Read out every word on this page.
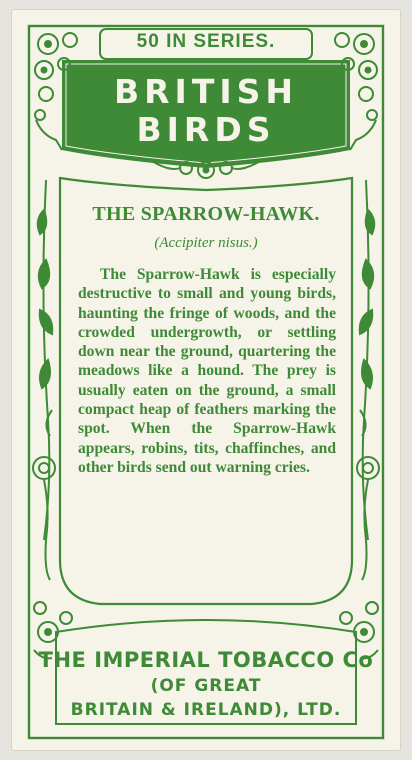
50 IN SERIES.

BRITISH

BIRDS

THE SPARROW-HAWK.

(Accipiter nisus.)

The Sparrow-Hawk is especially destructive to small and young birds, haunting the fringe of woods, and the crowded undergrowth, or settling down near the ground, quartering the meadows like a hound. The prey is usually eaten on the ground, a small compact heap of feathers marking the spot. When the Sparrow-Hawk appears, robins, tits, chaffinches, and other birds send out warning cries.

THE IMPERIAL TOBACCO Co

(OF GREAT

BRITAIN & IRELAND), LTD.
